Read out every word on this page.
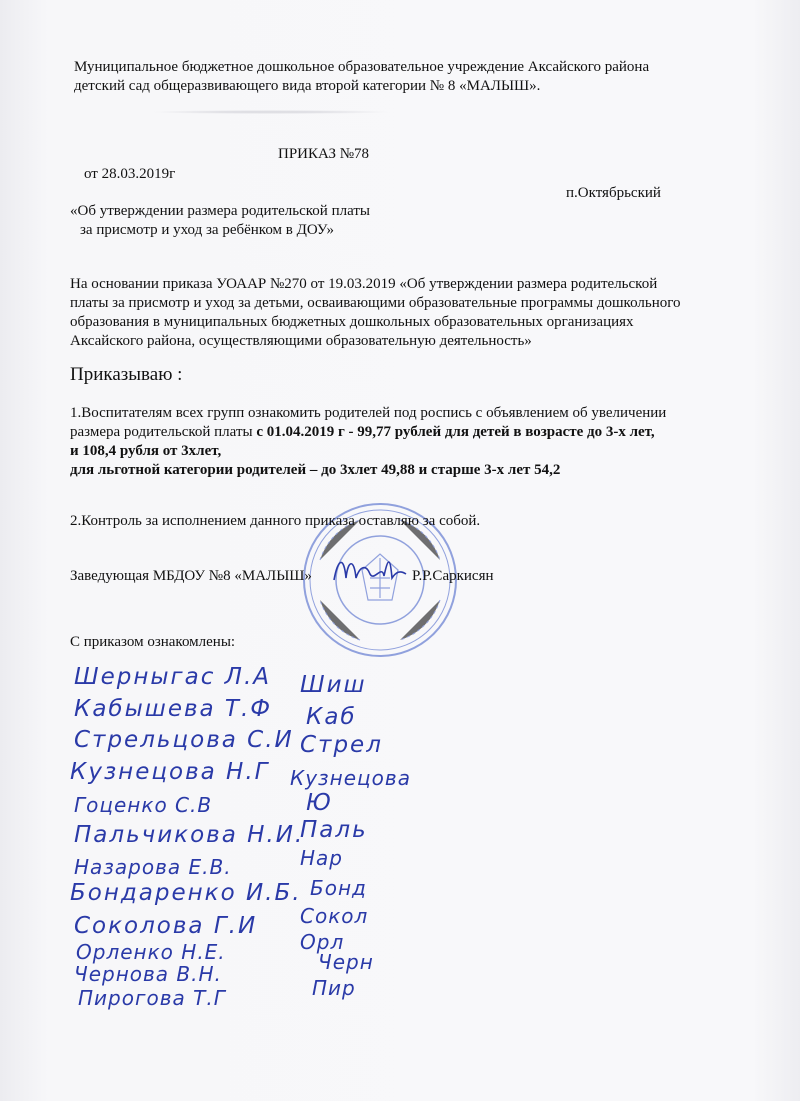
Муниципальное бюджетное дошкольное образовательное учреждение Аксайского района
детский сад общеразвивающего вида второй категории № 8 «МАЛЫШ».
ПРИКАЗ №78
от 28.03.2019г
п.Октябрьский
«Об утверждении размера родительской платы
за присмотр и уход за ребёнком в ДОУ»
На основании приказа УОААР №270 от 19.03.2019 «Об утверждении размера родительской
платы за присмотр и уход за детьми, осваивающими образовательные программы дошкольного
образования в муниципальных бюджетных дошкольных образовательных организациях
Аксайского района, осуществляющими образовательную деятельность»
Приказываю :
1.Воспитателям всех групп ознакомить родителей под роспись с объявлением об увеличении
размера родительской платы с 01.04.2019 г - 99,77 рублей для детей в возрасте до 3-х лет,
и 108,4 рубля от 3хлет,
для льготной категории родителей – до 3хлет 49,88 и старше 3-х лет 54,2
2.Контроль за исполнением данного приказа оставляю за собой.
Заведующая МБДОУ №8 «МАЛЫШ»	Р.Р.Саркисян
С приказом ознакомлены:
Шерныгас Л.А
Кабышева Т.Ф
Стрельцова С.И
Кузнецова Н.Г
Гоценко С.В
Пальчикова Н.И.
Назарова Е.В.
Бондаренко И.Б.
Соколова Г.И
Орленко Н.Е.
Чернова В.Н.
Пирогова Т.Г
Шиш
Каб
Стрел
Кузнецова
Ю
Паль
Нар
Бонд
Сокол
Орл
Черн
Пир
